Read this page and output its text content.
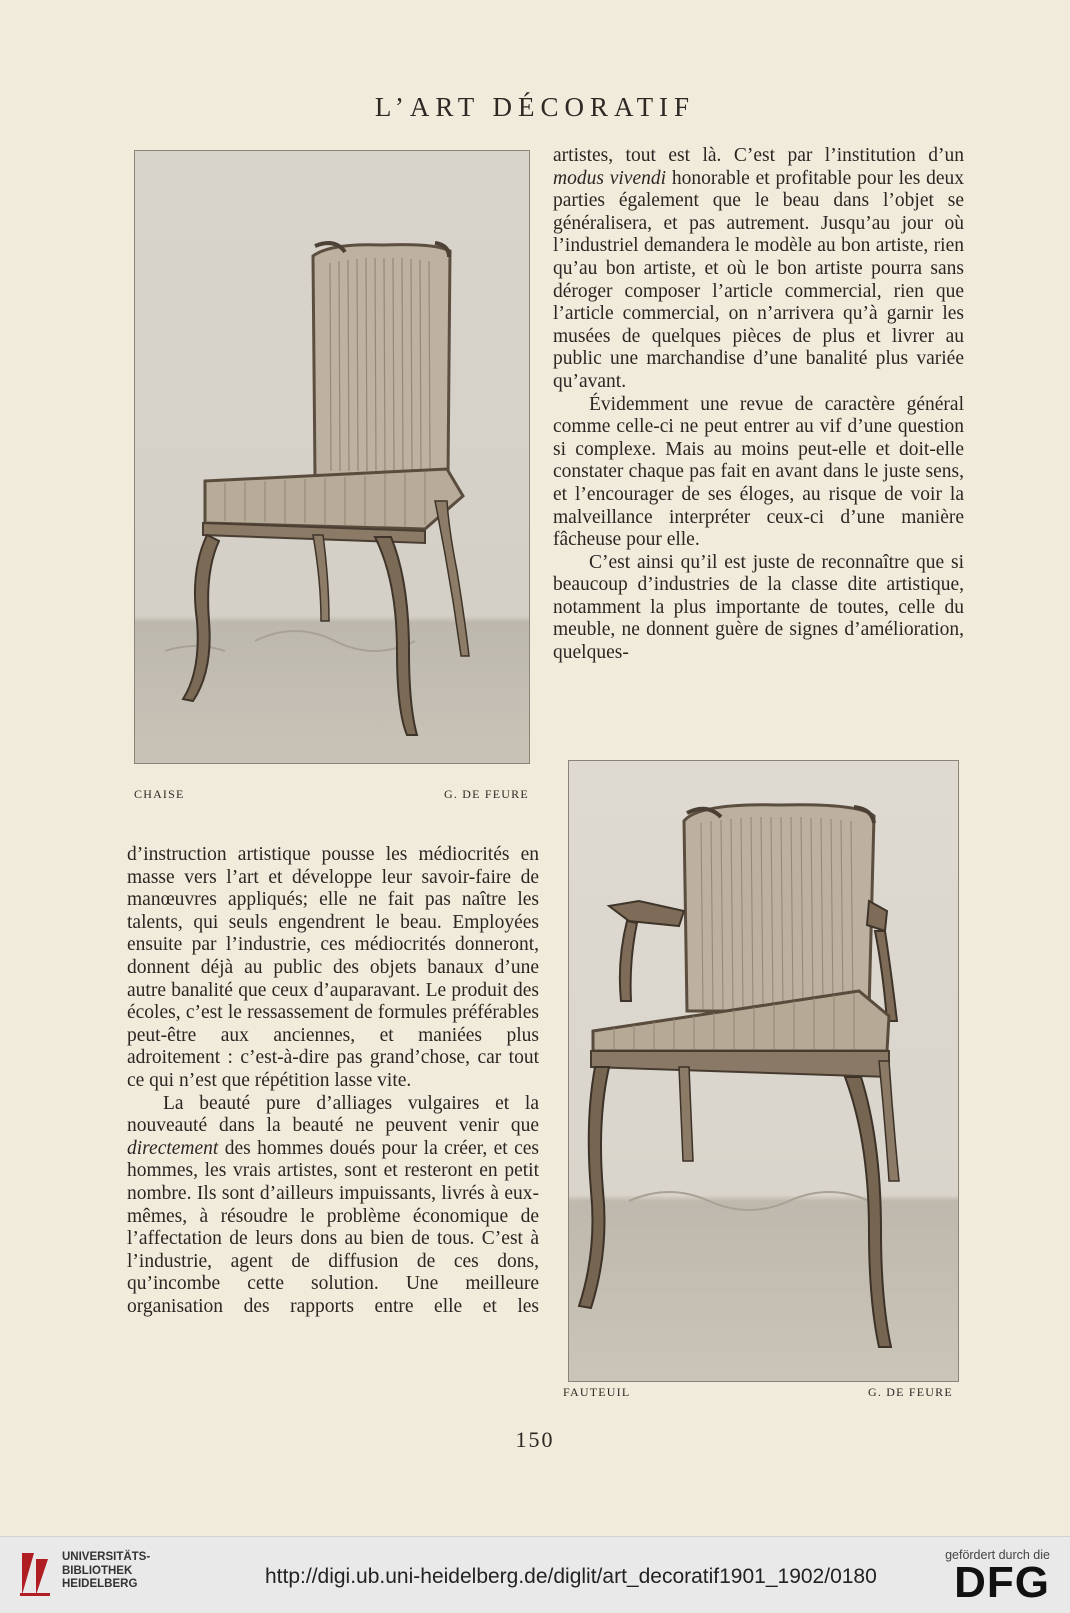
L’ART DÉCORATIF
CHAISE	G. DE FEURE

artistes, tout est là. C’est par l’institution d’un modus vivendi honorable et profitable pour les deux parties également que le beau dans l’objet se généralisera, et pas autrement. Jusqu’au jour où l’industriel demandera le modèle au bon artiste, rien qu’au bon artiste, et où le bon artiste pourra sans déroger composer l’article commercial, rien que l’article commercial, on n’arrivera qu’à garnir les musées de quelques pièces de plus et livrer au public une marchandise d’une banalité plus variée qu’avant.

Évidemment une revue de caractère général comme celle-ci ne peut entrer au vif d’une question si complexe. Mais au moins peut-elle et doit-elle constater chaque pas fait en avant dans le juste sens, et l’encourager de ses éloges, au risque de voir la malveillance interpréter ceux-ci d’une manière fâcheuse pour elle.

C’est ainsi qu’il est juste de reconnaître que si beaucoup d’industries de la classe dite artistique, notamment la plus importante de toutes, celle du meuble, ne donnent guère de signes d’amélioration, quelques-

FAUTEUIL	G. DE FEURE

d’instruction artistique pousse les médiocrités en masse vers l’art et développe leur savoir-faire de manœuvres appliqués; elle ne fait pas naître les talents, qui seuls engendrent le beau. Employées ensuite par l’industrie, ces médiocrités donneront, donnent déjà au public des objets banaux d’une autre banalité que ceux d’auparavant. Le produit des écoles, c’est le ressassement de formules préférables peut-être aux anciennes, et maniées plus adroitement : c’est-à-dire pas grand’chose, car tout ce qui n’est que répétition lasse vite.

La beauté pure d’alliages vulgaires et la nouveauté dans la beauté ne peuvent venir que directement des hommes doués pour la créer, et ces hommes, les vrais artistes, sont et resteront en petit nombre. Ils sont d’ailleurs impuissants, livrés à eux-mêmes, à résoudre le problème économique de l’affectation de leurs dons au bien de tous. C’est à l’industrie, agent de diffusion de ces dons, qu’incombe cette solution. Une meilleure organisation des rapports entre elle et les

150
UNIVERSITÄTS-
BIBLIOTHEK
HEIDELBERG	http://digi.ub.uni-heidelberg.de/diglit/art_decoratif1901_1902/0180
gefördert durch die
DFG
